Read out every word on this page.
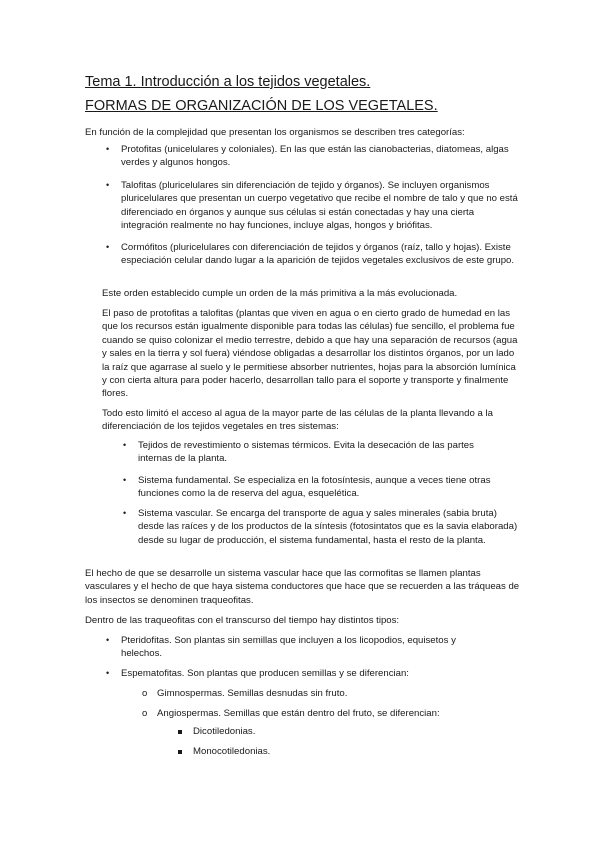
Tema 1. Introducción a los tejidos vegetales.
FORMAS DE ORGANIZACIÓN DE LOS VEGETALES.

En función de la complejidad que presentan los organismos se describen tres categorías:

• Protofitas (unicelulares y coloniales). En las que están las cianobacterias, diatomeas, algas verdes y algunos hongos.

• Talofitas (pluricelulares sin diferenciación de tejido y órganos). Se incluyen organismos pluricelulares que presentan un cuerpo vegetativo que recibe el nombre de talo y que no está diferenciado en órganos y aunque sus células si están conectadas y hay una cierta integración realmente no hay funciones, incluye algas, hongos y briófitas.

• Cormófitos (pluricelulares con diferenciación de tejidos y órganos (raíz, tallo y hojas). Existe especiación celular dando lugar a la aparición de tejidos vegetales exclusivos de este grupo.

Este orden establecido cumple un orden de la más primitiva a la más evolucionada.

El paso de protofitas a talofitas (plantas que viven en agua o en cierto grado de humedad en las que los recursos están igualmente disponible para todas las células) fue sencillo, el problema fue cuando se quiso colonizar el medio terrestre, debido a que hay una separación de recursos (agua y sales en la tierra y sol fuera) viéndose obligadas a desarrollar los distintos órganos, por un lado la raíz que agarrase al suelo y le permitiese absorber nutrientes, hojas para la absorción lumínica y con cierta altura para poder hacerlo, desarrollan tallo para el soporte y transporte y finalmente flores.

Todo esto limitó el acceso al agua de la mayor parte de las células de la planta llevando a la diferenciación de los tejidos vegetales en tres sistemas:

• Tejidos de revestimiento o sistemas térmicos. Evita la desecación de las partes internas de la planta.

• Sistema fundamental. Se especializa en la fotosíntesis, aunque a veces tiene otras funciones como la de reserva del agua, esquelética.

• Sistema vascular. Se encarga del transporte de agua y sales minerales (sabia bruta) desde las raíces y de los productos de la síntesis (fotosintatos que es la savia elaborada) desde su lugar de producción, el sistema fundamental, hasta el resto de la planta.

El hecho de que se desarrolle un sistema vascular hace que las cormofitas se llamen plantas vasculares y el hecho de que haya sistema conductores que hace que se recuerden a las tráqueas de los insectos se denominen traqueofitas.

Dentro de las traqueofitas con el transcurso del tiempo hay distintos tipos:

• Pteridofitas. Son plantas sin semillas que incluyen a los licopodios, equisetos y helechos.

• Espematofitas. Son plantas que producen semillas y se diferencian:

o Gimnospermas. Semillas desnudas sin fruto.

o Angiospermas. Semillas que están dentro del fruto, se diferencian:

Dicotiledonias.

Monocotiledonias.
